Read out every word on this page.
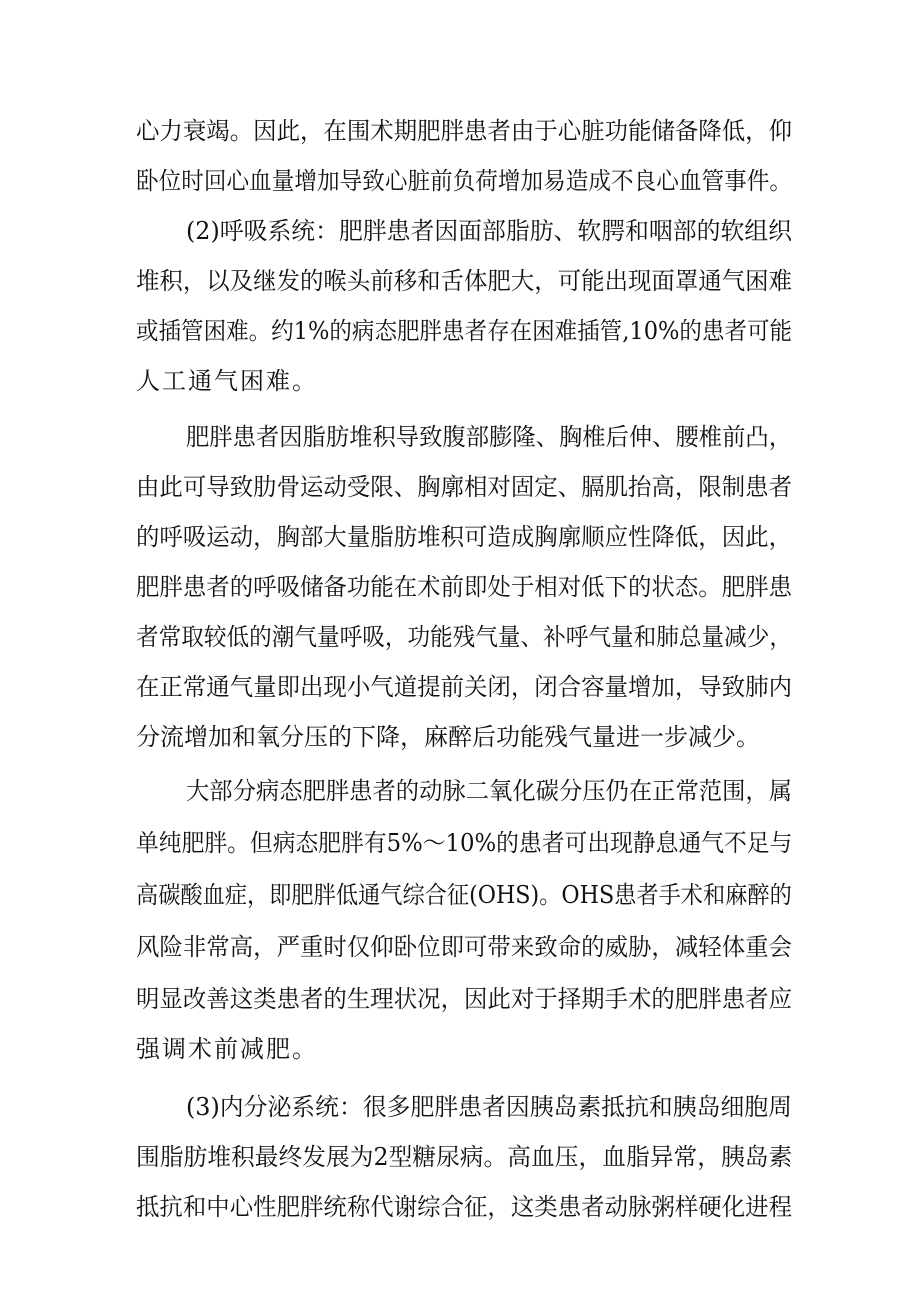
心力衰竭。因此，在围术期肥胖患者由于心脏功能储备降低，仰
卧位时回心血量增加导致心脏前负荷增加易造成不良心血管事件。
(2)呼吸系统：肥胖患者因面部脂肪、软腭和咽部的软组织
堆积，以及继发的喉头前移和舌体肥大，可能出现面罩通气困难
或插管困难。约1%的病态肥胖患者存在困难插管,10%的患者可能
人工通气困难。
肥胖患者因脂肪堆积导致腹部膨隆、胸椎后伸、腰椎前凸，
由此可导致肋骨运动受限、胸廓相对固定、膈肌抬高，限制患者
的呼吸运动，胸部大量脂肪堆积可造成胸廓顺应性降低，因此，
肥胖患者的呼吸储备功能在术前即处于相对低下的状态。肥胖患
者常取较低的潮气量呼吸，功能残气量、补呼气量和肺总量减少，
在正常通气量即出现小气道提前关闭，闭合容量增加，导致肺内
分流增加和氧分压的下降，麻醉后功能残气量进一步减少。
大部分病态肥胖患者的动脉二氧化碳分压仍在正常范围，属
单纯肥胖。但病态肥胖有5%～10%的患者可出现静息通气不足与
高碳酸血症，即肥胖低通气综合征(OHS)。OHS患者手术和麻醉的
风险非常高，严重时仅仰卧位即可带来致命的威胁，减轻体重会
明显改善这类患者的生理状况，因此对于择期手术的肥胖患者应
强调术前减肥。
(3)内分泌系统：很多肥胖患者因胰岛素抵抗和胰岛细胞周
围脂肪堆积最终发展为2型糖尿病。高血压，血脂异常，胰岛素
抵抗和中心性肥胖统称代谢综合征，这类患者动脉粥样硬化进程
